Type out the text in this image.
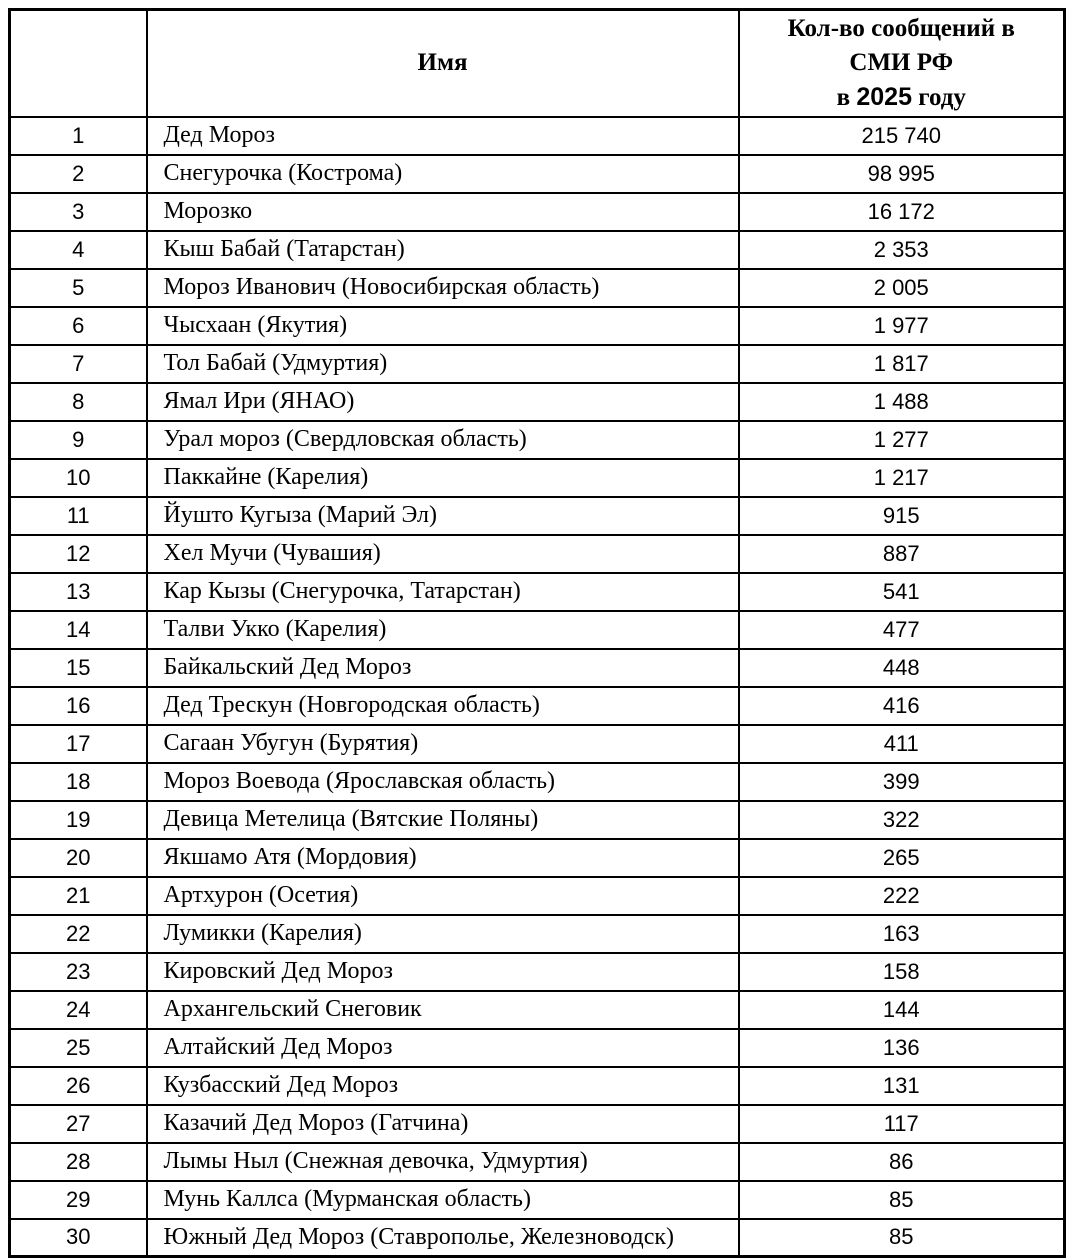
	Имя	Кол-во сообщений в
СМИ РФ
в 2025 году
1	Дед Мороз	215 740
2	Снегурочка (Кострома)	98 995
3	Морозко	16 172
4	Кыш Бабай (Татарстан)	2 353
5	Мороз Иванович (Новосибирская область)	2 005
6	Чысхаан (Якутия)	1 977
7	Тол Бабай (Удмуртия)	1 817
8	Ямал Ири (ЯНАО)	1 488
9	Урал мороз (Свердловская область)	1 277
10	Паккайне (Карелия)	1 217
11	Йушто Кугыза (Марий Эл)	915
12	Хел Мучи (Чувашия)	887
13	Кар Кызы (Снегурочка, Татарстан)	541
14	Талви Укко (Карелия)	477
15	Байкальский Дед Мороз	448
16	Дед Трескун (Новгородская область)	416
17	Сагаан Убугун (Бурятия)	411
18	Мороз Воевода (Ярославская область)	399
19	Девица Метелица (Вятские Поляны)	322
20	Якшамо Атя (Мордовия)	265
21	Артхурон (Осетия)	222
22	Лумикки (Карелия)	163
23	Кировский Дед Мороз	158
24	Архангельский Снеговик	144
25	Алтайский Дед Мороз	136
26	Кузбасский Дед Мороз	131
27	Казачий Дед Мороз (Гатчина)	117
28	Лымы Ныл (Снежная девочка, Удмуртия)	86
29	Мунь Каллса (Мурманская область)	85
30	Южный Дед Мороз (Ставрополье, Железноводск)	85
